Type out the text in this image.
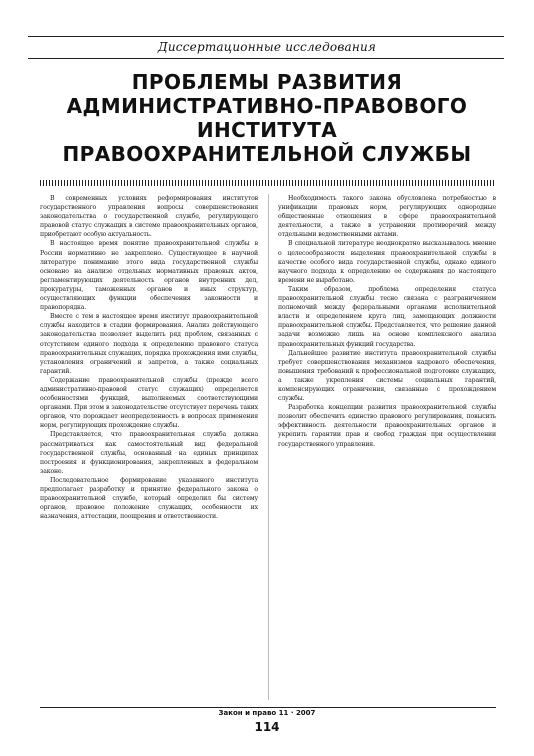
Диссертационные исследования
ПРОБЛЕМЫ РАЗВИТИЯ
АДМИНИСТРАТИВНО-ПРАВОВОГО
ИНСТИТУТА
ПРАВООХРАНИТЕЛЬНОЙ СЛУЖБЫ

В современных условиях реформирования институтов государственного управления вопросы совершенствования законодательства о государственной службе, регулирующего правовой статус служащих в системе правоохранительных органов, приобретают особую актуальность.

В настоящее время понятие правоохранительной службы в России нормативно не закреплено. Существующее в научной литературе понимание этого вида государственной службы основано на анализе отдельных нормативных правовых актов, регламентирующих деятельность органов внутренних дел, прокуратуры, таможенных органов и иных структур, осуществляющих функции обеспечения законности и правопорядка.

Вместе с тем в настоящее время институт правоохранительной службы находится в стадии формирования. Анализ действующего законодательства позволяет выделить ряд проблем, связанных с отсутствием единого подхода к определению правового статуса правоохранительных служащих, порядка прохождения ими службы, установления ограничений и запретов, а также социальных гарантий.

Содержание правоохранительной службы (прежде всего административно-правовой статус служащих) определяется особенностями функций, выполняемых соответствующими органами. При этом в законодательстве отсутствует перечень таких органов, что порождает неопределенность в вопросах применения норм, регулирующих прохождение службы.

Представляется, что правоохранительная служба должна рассматриваться как самостоятельный вид федеральной государственной службы, основанный на единых принципах построения и функционирования, закрепленных в федеральном законе.

Последовательное формирование указанного института предполагает разработку и принятие федерального закона о правоохранительной службе, который определил бы систему органов, правовое положение служащих, особенности их назначения, аттестации, поощрения и ответственности.

Необходимость такого закона обусловлена потребностью в унификации правовых норм, регулирующих однородные общественные отношения в сфере правоохранительной деятельности, а также в устранении противоречий между отдельными ведомственными актами.

В специальной литературе неоднократно высказывалось мнение о целесообразности выделения правоохранительной службы в качестве особого вида государственной службы, однако единого научного подхода к определению ее содержания до настоящего времени не выработано.

Таким образом, проблема определения статуса правоохранительной службы тесно связана с разграничением полномочий между федеральными органами исполнительной власти и определением круга лиц, замещающих должности правоохранительной службы. Представляется, что решение данной задачи возможно лишь на основе комплексного анализа правоохранительных функций государства.

Дальнейшее развитие института правоохранительной службы требует совершенствования механизмов кадрового обеспечения, повышения требований к профессиональной подготовке служащих, а также укрепления системы социальных гарантий, компенсирующих ограничения, связанные с прохождением службы.

Разработка концепции развития правоохранительной службы позволит обеспечить единство правового регулирования, повысить эффективность деятельности правоохранительных органов и укрепить гарантии прав и свобод граждан при осуществлении государственного управления.

Закон и право 11 · 2007
114
